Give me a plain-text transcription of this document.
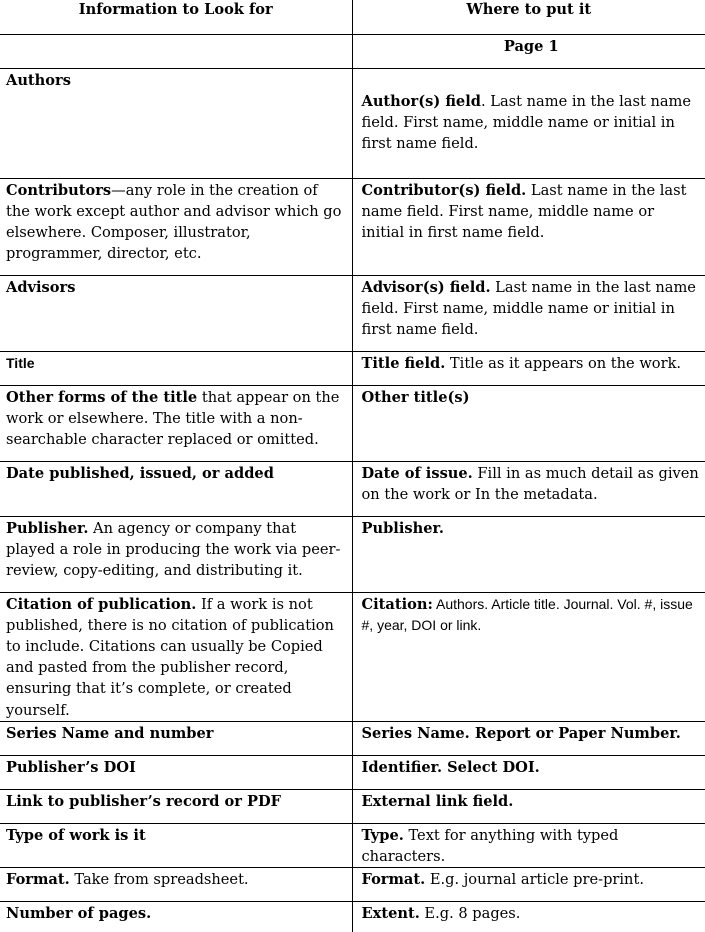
Information to Look for	Where to put it
	Page 1
Authors	Author(s) field. Last name in the last name field. First name, middle name or initial in first name field.
Contributors—any role in the creation of the work except author and advisor which go elsewhere. Composer, illustrator, programmer, director, etc.	Contributor(s) field. Last name in the last name field. First name, middle name or initial in first name field.
Advisors	Advisor(s) field. Last name in the last name field. First name, middle name or initial in first name field.
Title	Title field. Title as it appears on the work.
Other forms of the title that appear on the work or elsewhere. The title with a non-searchable character replaced or omitted.	Other title(s)
Date published, issued, or added	Date of issue. Fill in as much detail as given on the work or In the metadata.
Publisher. An agency or company that played a role in producing the work via peer-review, copy-editing, and distributing it.	Publisher.
Citation of publication. If a work is not published, there is no citation of publication to include. Citations can usually be Copied and pasted from the publisher record, ensuring that it’s complete, or created yourself.	Citation: Authors. Article title. Journal. Vol. #, issue #, year, DOI or link.
Series Name and number	Series Name. Report or Paper Number.
Publisher’s DOI	Identifier. Select DOI.
Link to publisher’s record or PDF	External link field.
Type of work is it	Type. Text for anything with typed characters.
Format. Take from spreadsheet.	Format. E.g. journal article pre-print.
Number of pages.	Extent. E.g. 8 pages.
